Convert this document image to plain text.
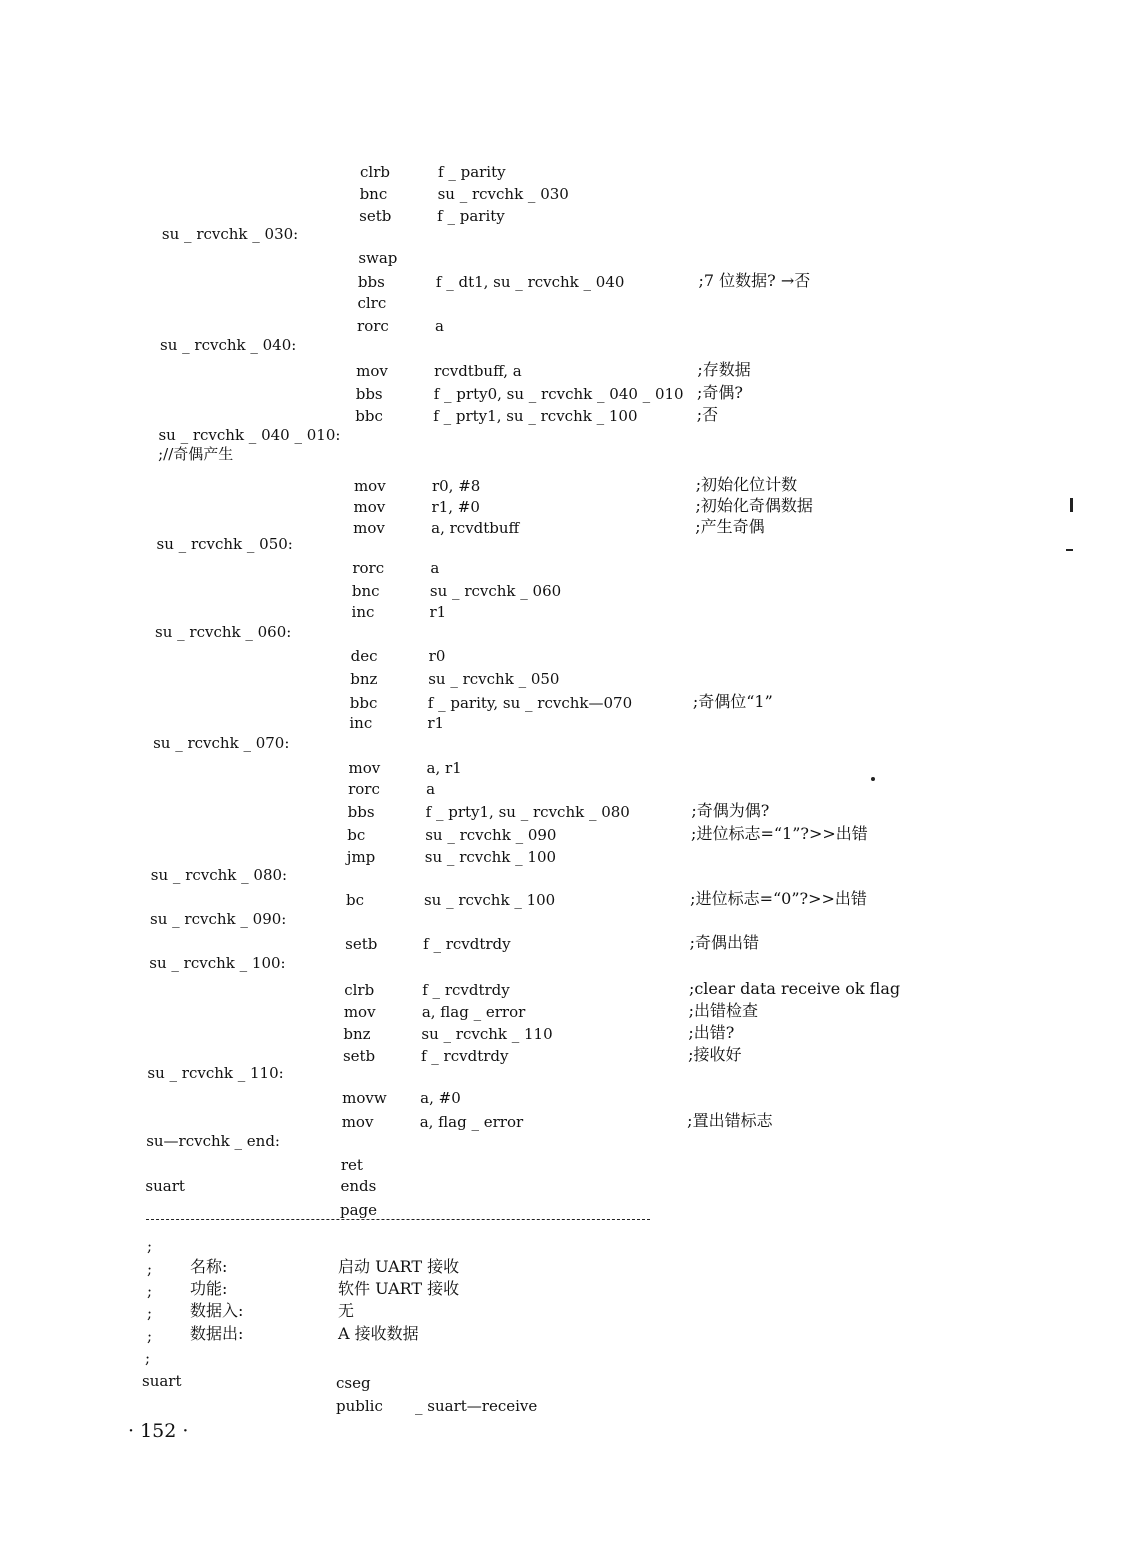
clrb	f _ parity
bnc	su _ rcvchk _ 030
setb	f _ parity
su _ rcvchk _ 030:
swap
bbs	f _ dt1, su _ rcvchk _ 040	;7 位数据? →否
clrc
rorc	a
su _ rcvchk _ 040:
mov	rcvdtbuff, a	;存数据
bbs	f _ prty0, su _ rcvchk _ 040 _ 010 ;奇偶?
bbc	f _ prty1, su _ rcvchk _ 100	;否
su _ rcvchk _ 040 _ 010:
;//奇偶产生
mov	r0, #8	;初始化位计数
mov	r1, #0	;初始化奇偶数据
mov	a, rcvdtbuff	;产生奇偶
su _ rcvchk _ 050:
rorc	a
bnc	su _ rcvchk _ 060
inc	r1
su _ rcvchk _ 060:
dec	r0
bnz	su _ rcvchk _ 050
bbc	f _ parity, su _ rcvchk—070	;奇偶位“1”
inc	r1
su _ rcvchk _ 070:
mov	a, r1
rorc	a
bbs	f _ prty1, su _ rcvchk _ 080	;奇偶为偶?
bc	su _ rcvchk _ 090	;进位标志=“1”?>>出错
jmp	su _ rcvchk _ 100
su _ rcvchk _ 080:
bc	su _ rcvchk _ 100	;进位标志=“0”?>>出错
su _ rcvchk _ 090:
setb	f _ rcvdtrdy	;奇偶出错
su _ rcvchk _ 100:
clrb	f _ rcvdtrdy	;clear data receive ok flag
mov	a, flag _ error	;出错检查
bnz	su _ rcvchk _ 110	;出错?
setb	f _ rcvdtrdy	;接收好
su _ rcvchk _ 110:
movw a, #0
mov	a, flag _ error	;置出错标志
su—rcvchk _ end:
ret
suart	ends
page
;
; 名称:	启动 UART 接收
; 功能:	软件 UART 接收
; 数据入:	无
; 数据出:	A 接收数据
;
suart	cseg
public _ suart—receive
· 152 ·
